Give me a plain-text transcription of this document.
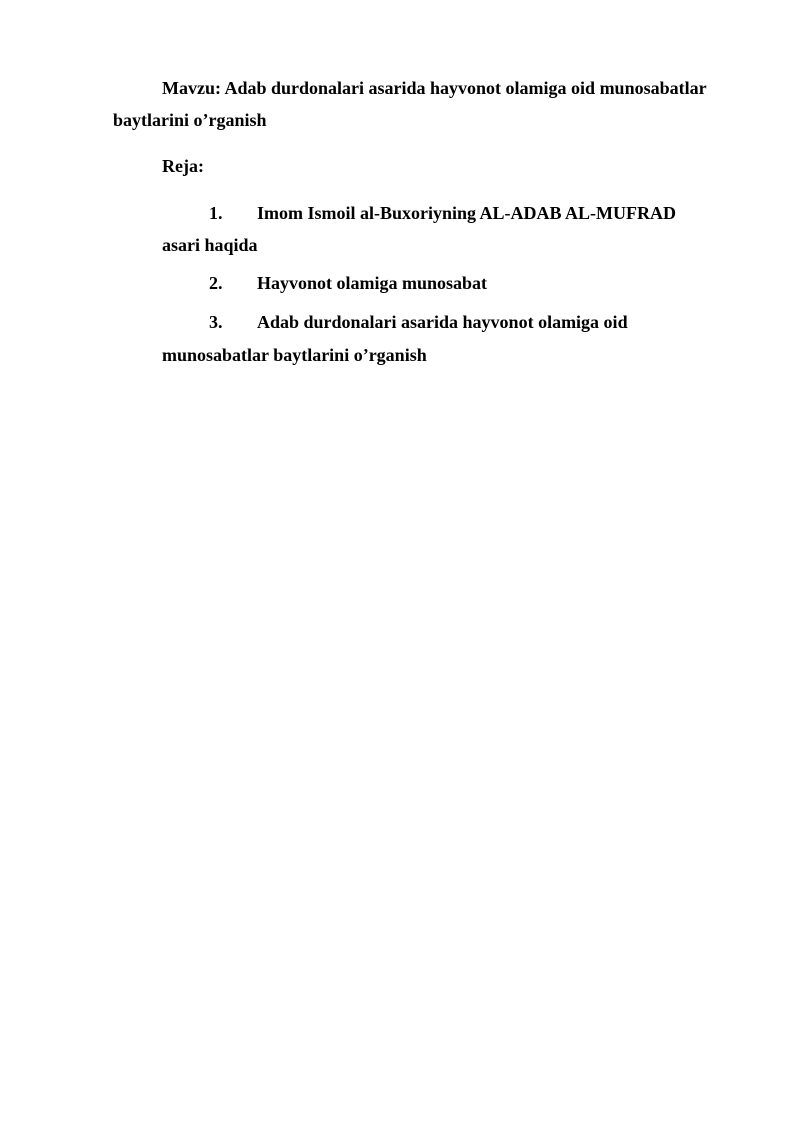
Mavzu: Adab durdonalari asarida hayvonot olamiga oid munosabatlar
baytlarini o’rganish
Reja:
1. Imom Ismoil al-Buxoriyning AL-ADAB AL-MUFRAD
asari haqida
2. Hayvonot olamiga munosabat
3. Adab durdonalari asarida hayvonot olamiga oid
munosabatlar baytlarini o’rganish
